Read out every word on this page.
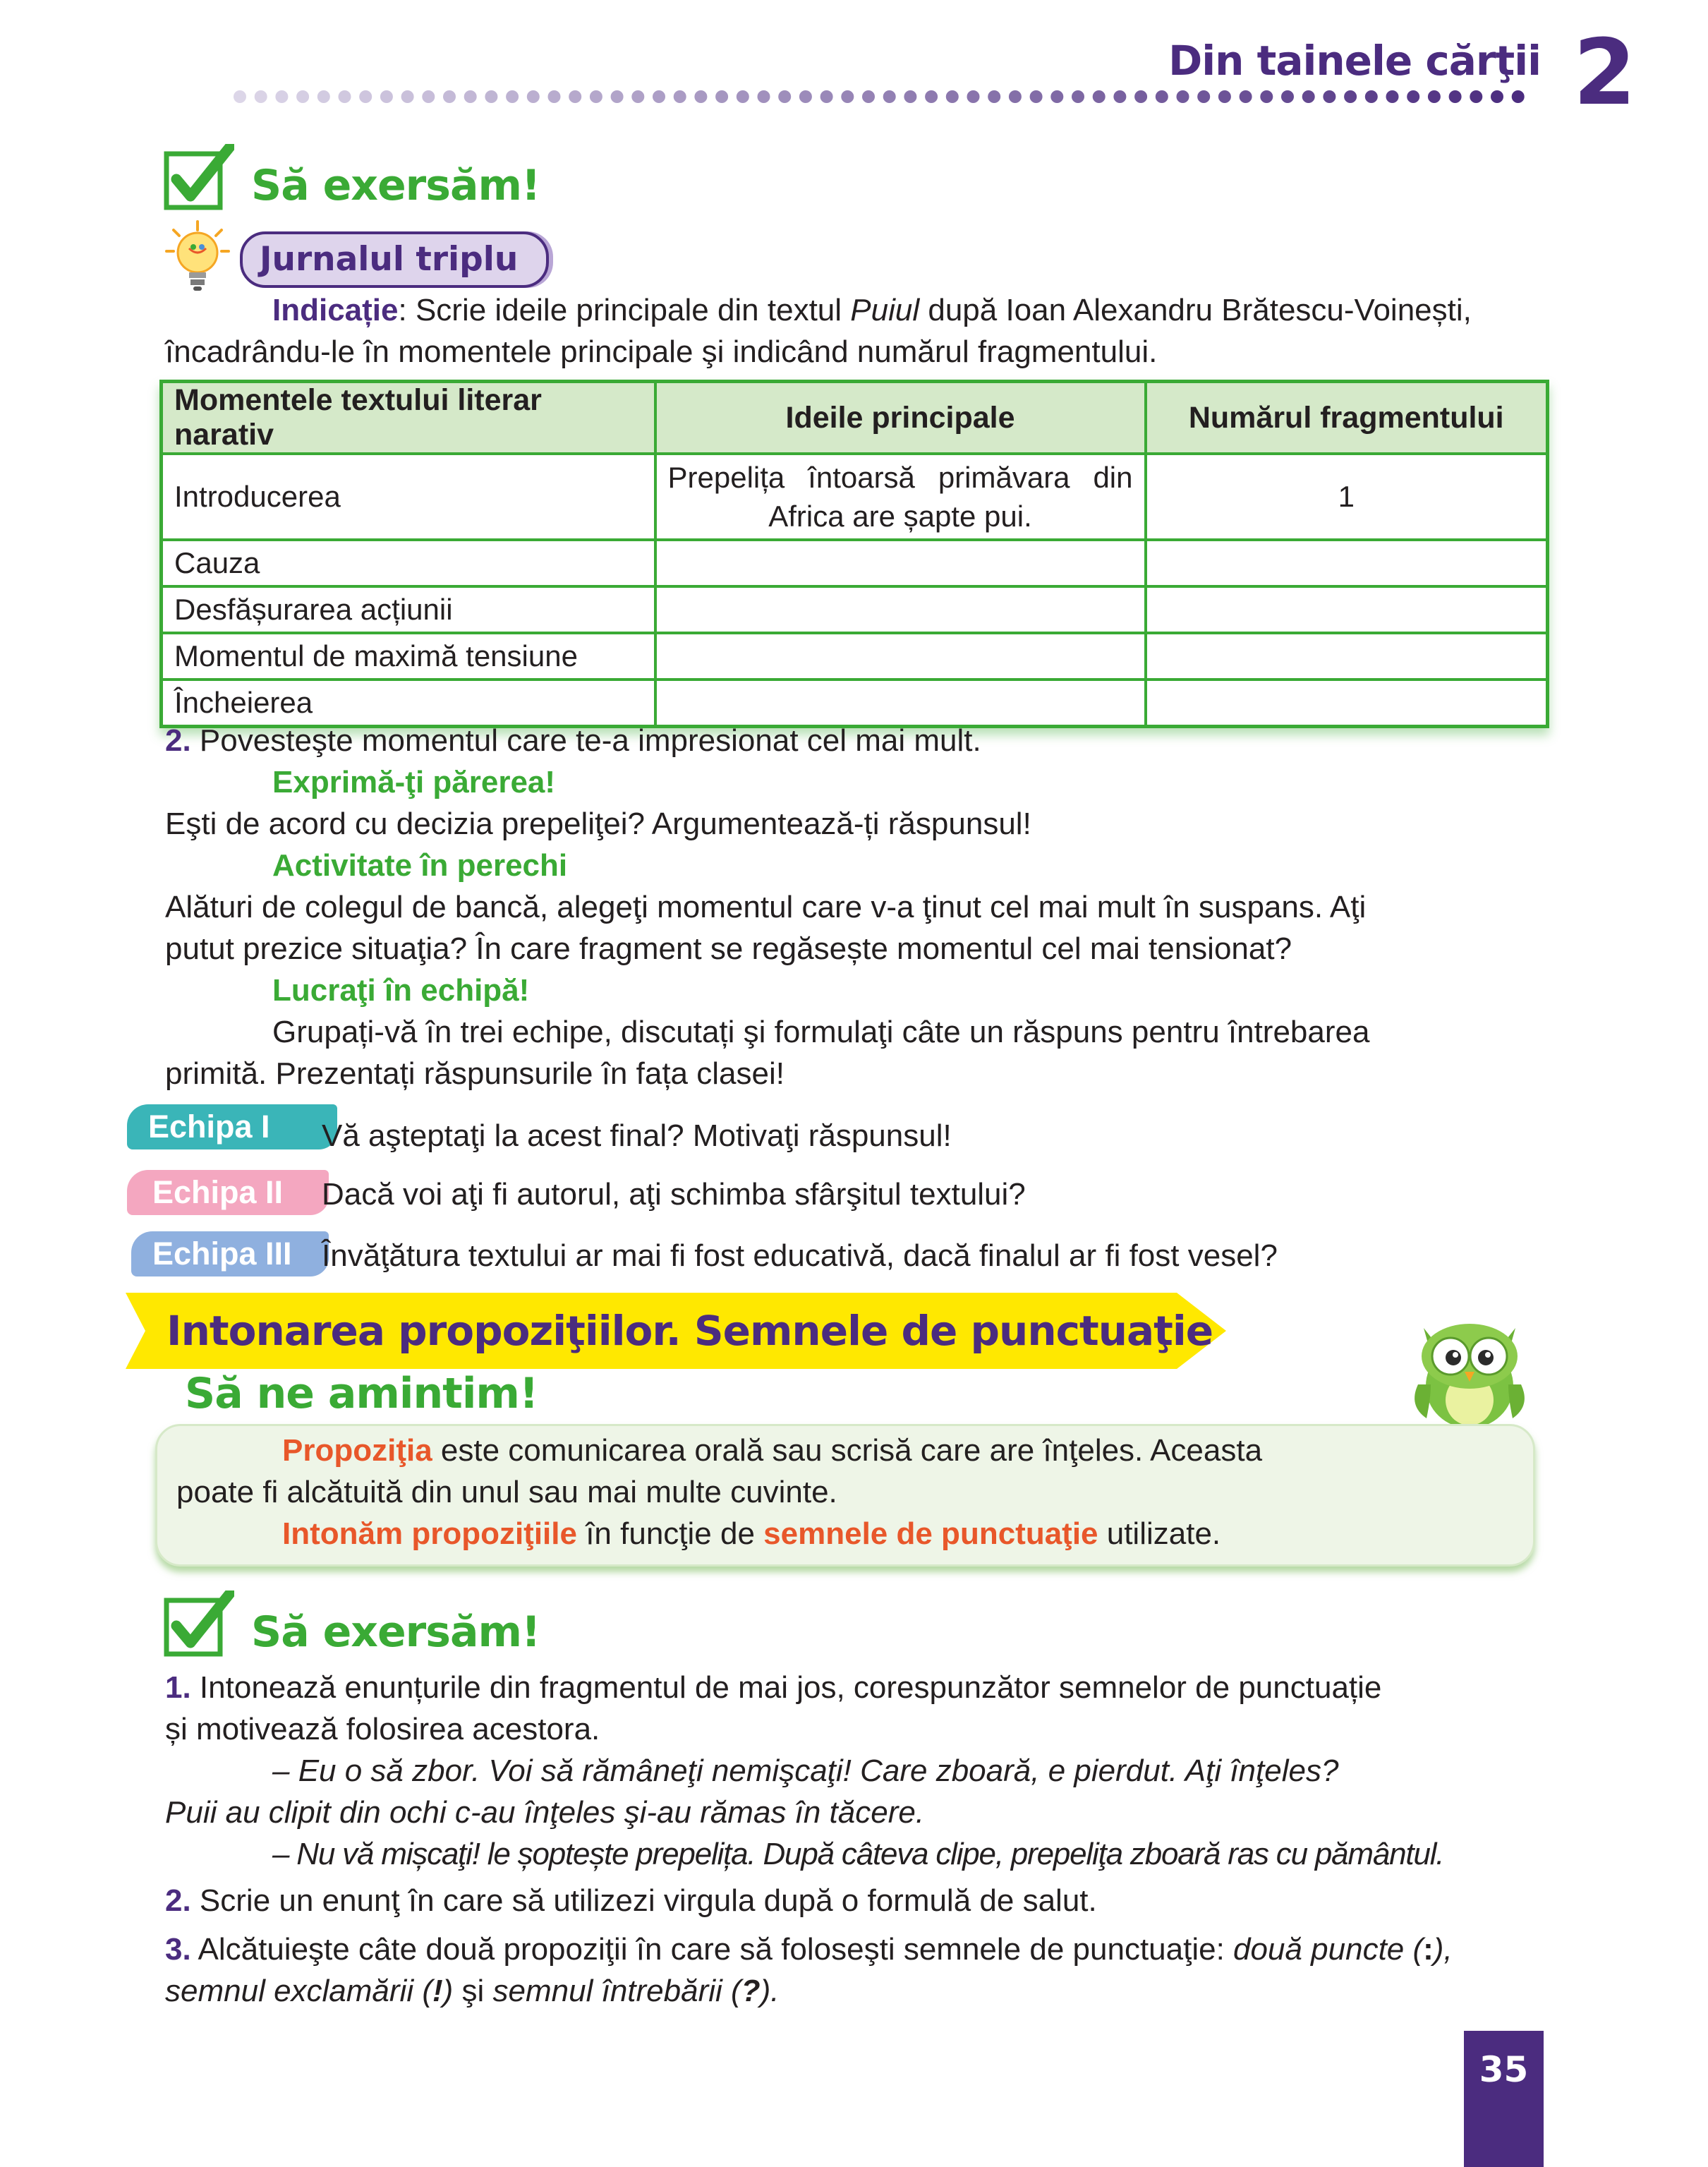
Din tainele cărţii 2
Să exersăm!
Jurnalul triplu
Indicație: Scrie ideile principale din textul Puiul după Ioan Alexandru Brătescu-Voinești,
încadrându-le în momentele principale şi indicând numărul fragmentului.
Momentele textului literar narativ	Ideile principale	Numărul fragmentului
Introducerea	Prepelița întoarsă primăvara din Africa are șapte pui.	1
Cauza		
Desfășurarea acțiunii		
Momentul de maximă tensiune		
Încheierea		
2. Povesteşte momentul care te-a impresionat cel mai mult.
Exprimă-ţi părerea!
Eşti de acord cu decizia prepeliţei? Argumentează-ți răspunsul!
Activitate în perechi
Alături de colegul de bancă, alegeţi momentul care v-a ţinut cel mai mult în suspans. Aţi
putut prezice situaţia? În care fragment se regăsește momentul cel mai tensionat?
Lucraţi în echipă!
Grupați-vă în trei echipe, discutați şi formulaţi câte un răspuns pentru întrebarea
primită. Prezentați răspunsurile în fața clasei!
Echipa I	Vă aşteptaţi la acest final? Motivaţi răspunsul!
Echipa II	Dacă voi aţi fi autorul, aţi schimba sfârşitul textului?
Echipa III Învăţătura textului ar mai fi fost educativă, dacă finalul ar fi fost vesel?
Intonarea propoziţiilor. Semnele de punctuaţie
Să ne amintim!
Propoziţia este comunicarea orală sau scrisă care are înţeles. Aceasta
poate fi alcătuită din unul sau mai multe cuvinte.
Intonăm propoziţiile în funcţie de semnele de punctuaţie utilizate.
Să exersăm!
1. Intonează enunțurile din fragmentul de mai jos, corespunzător semnelor de punctuație
și motivează folosirea acestora.
– Eu o să zbor. Voi să rămâneţi nemişcaţi! Care zboară, e pierdut. Aţi înţeles?
Puii au clipit din ochi c-au înţeles şi-au rămas în tăcere.
– Nu vă mișcaţi! le șoptește prepelița. După câteva clipe, prepeliţa zboară ras cu pământul.
2. Scrie un enunţ în care să utilizezi virgula după o formulă de salut.
3. Alcătuieşte câte două propoziţii în care să foloseşti semnele de punctuaţie: două puncte (:),
semnul exclamării (!) şi semnul întrebării (?).
35
